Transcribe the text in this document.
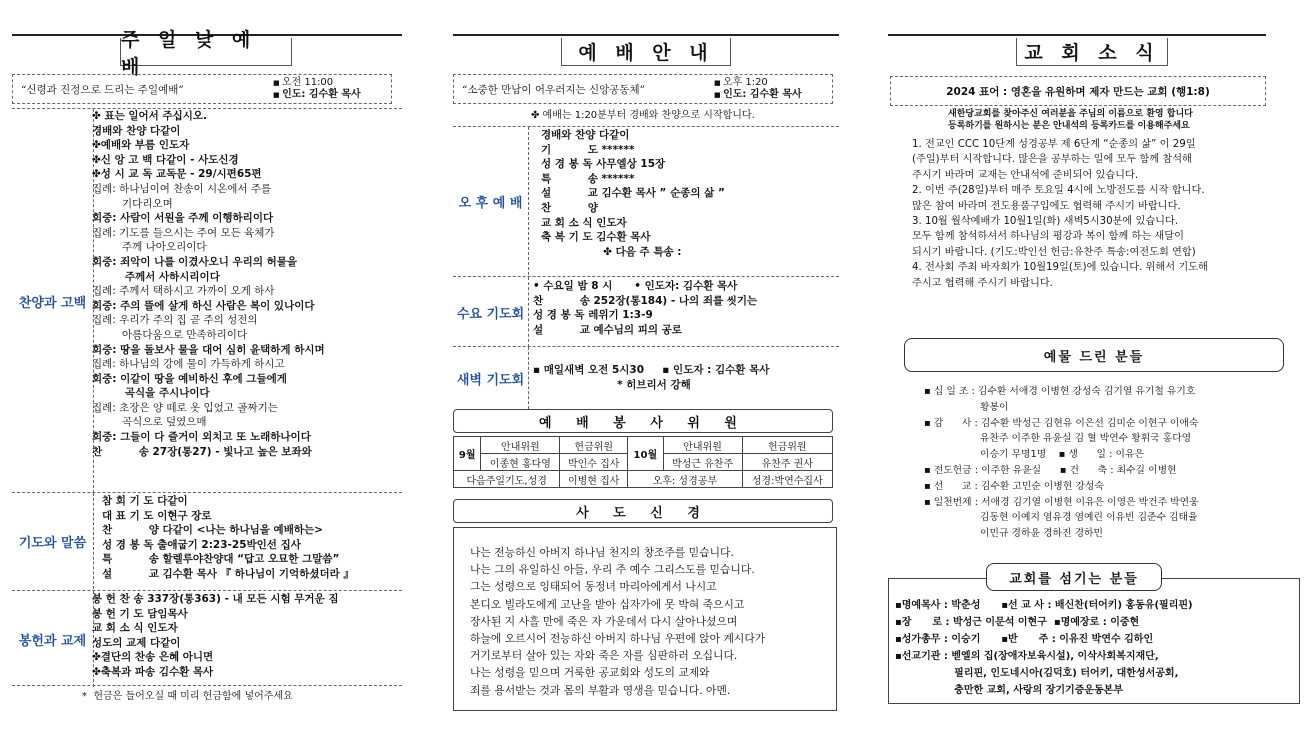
주 일 낮 예 배
“신령과 진정으로 드리는 주일예배”
■ 오전 11:00
■ 인도: 김수환 목사
찬양과 고백
✤ 표는 일어서 주십시오.
경배와 찬양 다같이
✤예배와 부름 인도자
✤신 앙 고 백 다같이 - 사도신경
✤성 시 교 독 교독문 - 29/시편65편
집례: 하나님이여 찬송이 시온에서 주를
기다리오며
회중: 사람이 서원을 주께 이행하리이다
집례: 기도를 들으시는 주여 모든 육체가
주께 나아오리이다
회중: 죄악이 나를 이겼사오니 우리의 허물을
주께서 사하시리이다
집례: 주께서 택하시고 가까이 오게 하사
회중: 주의 뜰에 살게 하신 사람은 복이 있나이다
집례: 우리가 주의 집 곧 주의 성전의
아름다움으로 만족하리이다
회중: 땅을 돌보사 물을 대어 심히 윤택하게 하시며
집례: 하나님의 강에 물이 가득하게 하시고
회중: 이같이 땅을 예비하신 후에 그들에게
곡식을 주시나이다
집례: 초장은 양 떼로 옷 입었고 골짜기는
곡식으로 덮였으매
회중: 그들이 다 즐거이 외치고 또 노래하나이다
찬          송 27장(통27) - 빛나고 높은 보좌와
기도와 말씀
참 회 기 도 다같이
대 표 기 도 이현구 장로
찬          양 다같이 <나는 하나님을 예배하는>
성 경 봉 독 출애굽기 2:23-25박인선 집사
특          송 할렐루야찬양대 “답고 오묘한 그말씀”
설          교 김수환 목사 『 하나님이 기억하셨더라 』
봉헌과 교제
봉 헌 찬 송 337장(통363) - 내 모든 시험 무거운 짐
봉 헌 기 도 담임목사
교 회 소 식 인도자
성도의 교제 다같이
✤결단의 찬송 은혜 아니면
✤축복과 파송 김수환 목사
*  헌금은 들어오실 때 미리 헌금함에 넣어주세요
예 배 안 내
“소중한 만남이 어우러지는 신앙공동체”
■ 오후 1:20
■ 인도: 김수환 목사
✤ 예배는 1:20분부터 경배와 찬양으로 시작합니다.
오 후 예 배
경배와 찬양 다같이
기          도 ******
성 경 봉 독 사무엘상 15장
특          송 ******
설          교 김수환 목사 ” 순종의 삶 ”
찬          양
교 회 소 식 인도자
축 복 기 도 김수환 목사
✤ 다음 주 특송 :
수요 기도회
• 수요일 밤 8 시      • 인도자: 김수환 목사
찬          송 252장(통184) - 나의 죄를 씻기는
성 경 봉 독 레위기 1:3-9
설          교 예수님의 피의 공로
새벽 기도회
▪ 매일새벽 오전 5시30     ▪ 인도자 : 김수환 목사
* 히브리서 강해
예 배 봉 사 위 원
9월	안내위원	헌금위원	10월	안내위원	헌금위원
	이종현 홍다영	박인수 집사		박성근 유찬주	유찬주 권사
다음주일기도,성경		이병현 집사	오후: 성경공부		성경:박연수집사
사 도 신 경
나는 전능하신 아버지 하나님 천지의 창조주를 믿습니다.
나는 그의 유일하신 아들, 우리 주 예수 그리스도를 믿습니다.
그는 성령으로 잉태되어 동정녀 마리아에게서 나시고
본디오 빌라도에게 고난을 받아 십자가에 못 박혀 죽으시고
장사된 지 사흘 만에 죽은 자 가운데서 다시 살아나셨으며
하늘에 오르시어 전능하신 아버지 하나님 우편에 앉아 계시다가
거기로부터 살아 있는 자와 죽은 자를 심판하러 오십니다.
나는 성령을 믿으며 거룩한 공교회와 성도의 교제와
죄를 용서받는 것과 몸의 부활과 영생을 믿습니다. 아멘.
교 회 소 식
2024 표어 : 영혼을 유원하며 제자 만드는 교회 (행1:8)
새한당교회를 찾아주신 여러분을 주님의 이름으로 환영 합니다
등록하기를 원하시는 분은 안내석의 등록카드를 이용해주세요
1. 전교인 CCC 10단계 성경공부 제 6단계 “순종의 삶” 이 29일
(주일)부터 시작합니다. 많은을 공부하는 일에 모두 함께 참석해
주시기 바라며 교재는 안내석에 준비되어 있습니다.
2. 이번 주(28일)부터 매주 토요일 4시에 노방전도를 시작 합니다.
많은 참여 바라며 전도용품구입에도 협력해 주시기 바랍니다.
3. 10월 월삭예배가 10월1일(화) 새벽5시30분에 있습니다.
모두 함께 참석하셔서 하나님의 평강과 복이 함께 하는 새달이
되시기 바랍니다. (기도:박인선 헌금:유찬주 특송:여전도회 연합)
4. 전사회 주최 바자회가 10월19일(토)에 있습니다. 위해서 기도해
주시고 협력해 주시기 바랍니다.
예물 드린 분들
▪ 십 일 조 : 김수환 서애경 이병현 강성숙 김기열 유기철 유기호
황봉이
▪ 감      사 : 김수환 박성근 김현유 이은선 김미순 이현구 이애숙
유찬주 이주한 유윤실 김 혈 박연수 황휘국 홍다영
이승기 무명1명    ▪ 생      일 : 이유은
▪ 전도헌금 : 이주한 유윤실      ▪ 건      축 : 최수길 이병현
▪ 선      교 : 김수환 고민순 이병현 강성숙
▪ 일천번제 : 서애경 김기열 이병현 이유은 이영은 박건주 박연웅
김동현 이예지 염유경 염예린 이유빈 김준수 김태율
이민규 경하윤 경하진 경하민
▪명예목사 : 박춘성      ▪선 교 사 : 배신찬(터어키) 홍동유(필리핀)
▪장      로 : 박성근 이문석 이현구  ▪명예장로 : 이중현
▪성가총무 : 이승기      ▪반      주 : 이유진 박연수 김하인
▪선교기관 : 벧엘의 집(장애자보육시설), 이삭사회복지재단,
필리핀, 인도네시아(김덕호) 터어키, 대한성서공회,
충만한 교회, 사랑의 장기기증운동본부
교회를 섬기는 분들
